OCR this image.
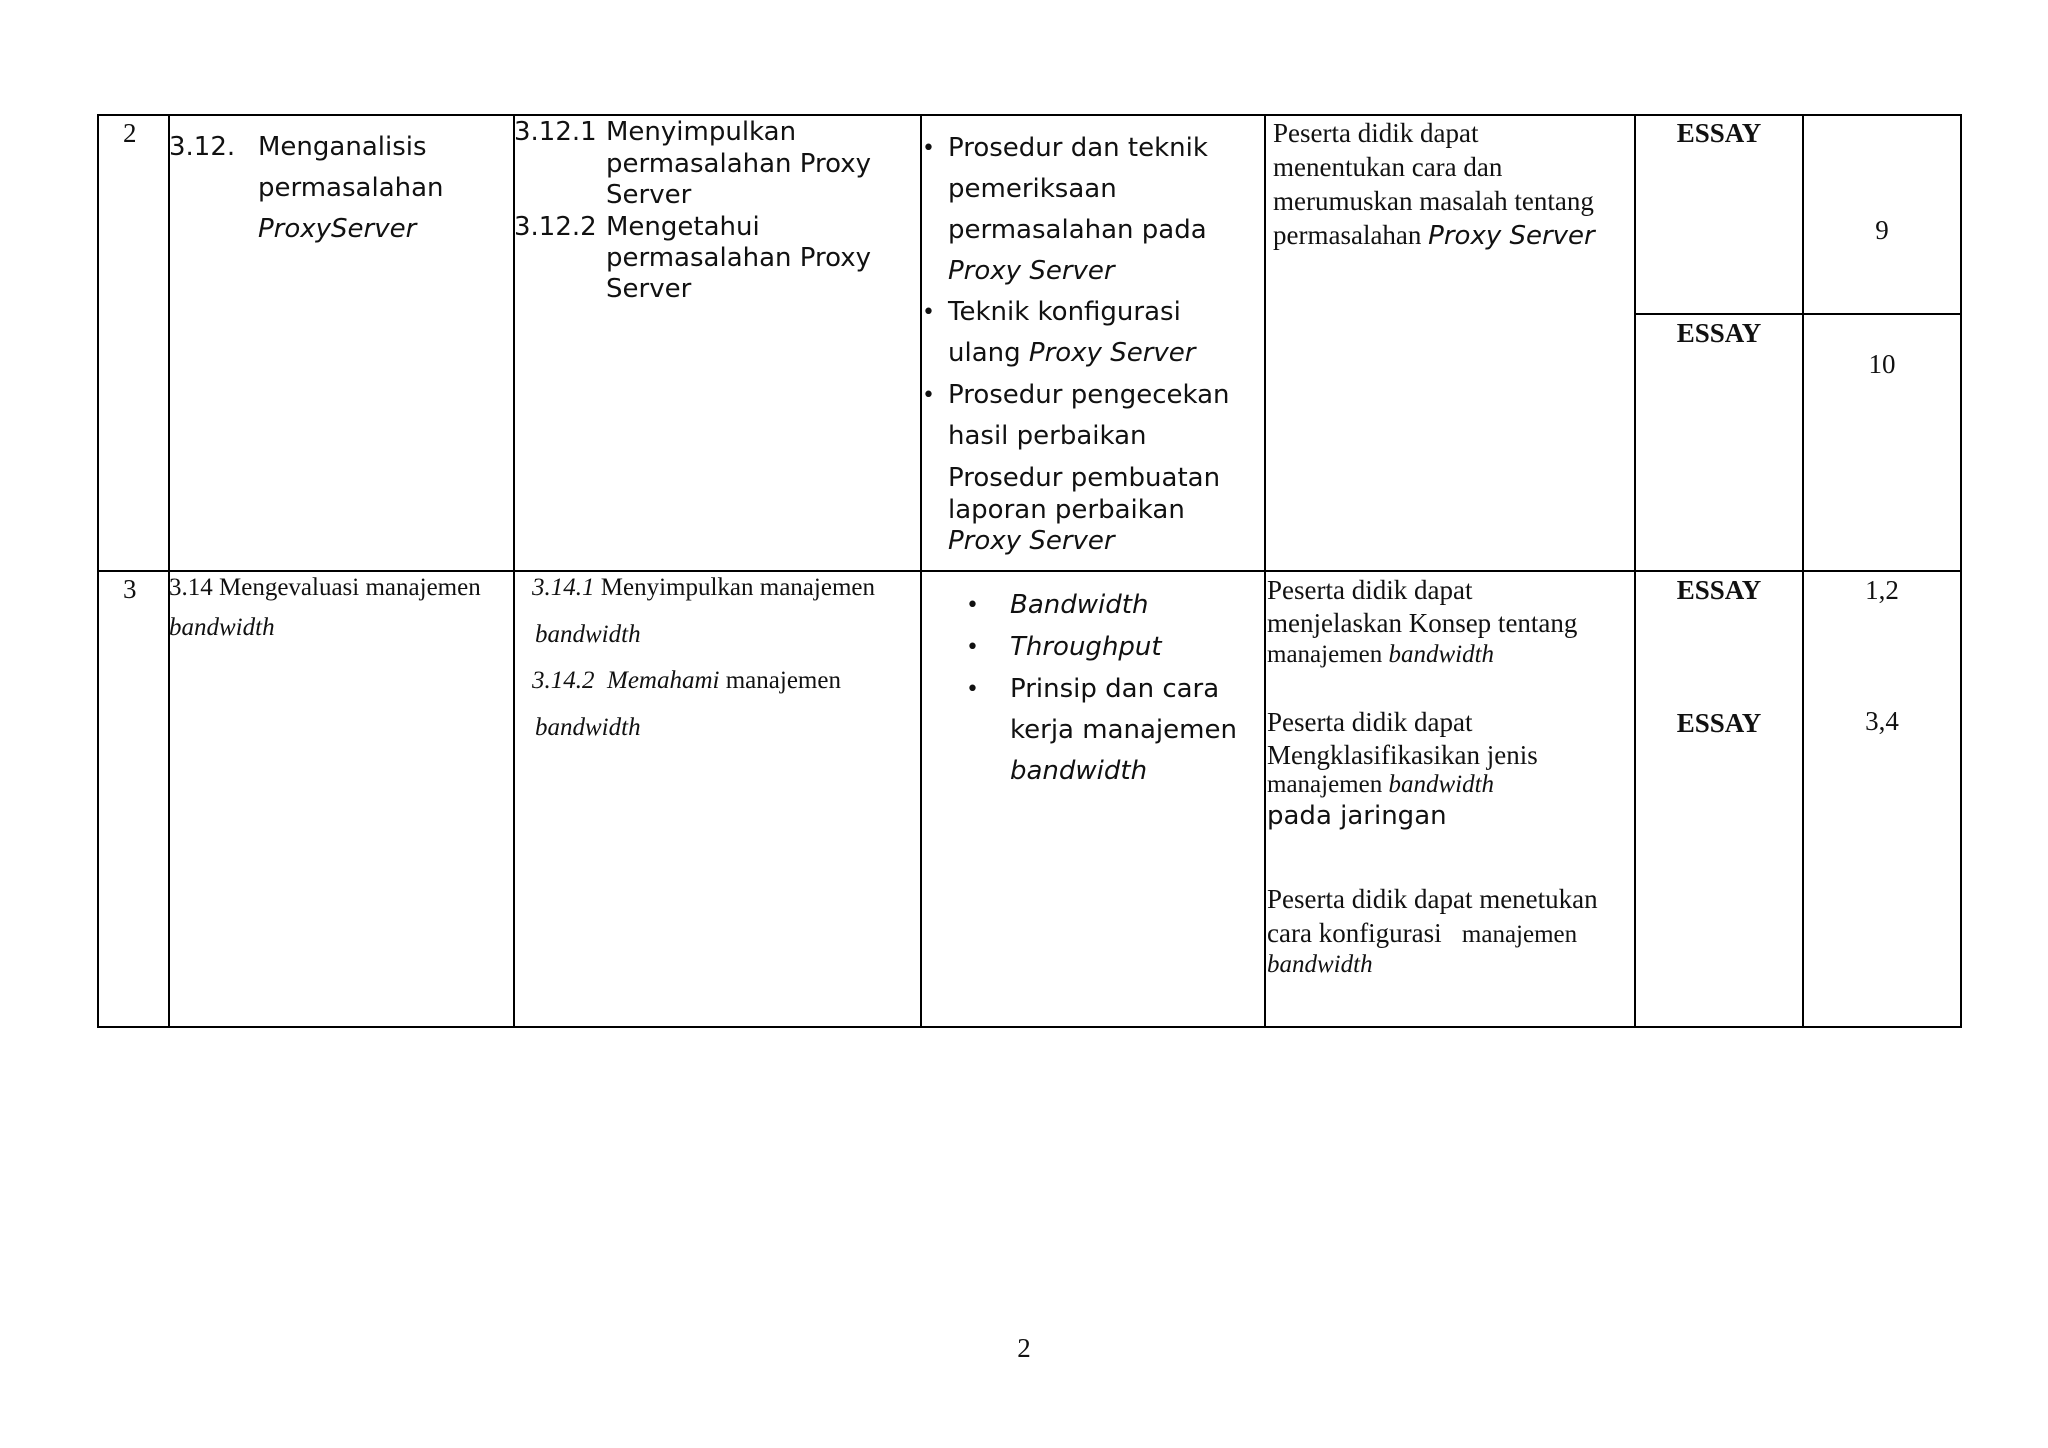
2 3.12. Menganalisis
permasalahan
ProxyServer
3.12.1 Menyimpulkan
permasalahan Proxy
Server
3.12.2 Mengetahui
permasalahan Proxy
Server
• Prosedur dan teknik
pemeriksaan
permasalahan pada
Proxy Server
• Teknik konfigurasi
ulang Proxy Server
• Prosedur pengecekan
hasil perbaikan
Prosedur pembuatan
laporan perbaikan
Proxy Server
Peserta didik dapat
menentukan cara dan
merumuskan masalah tentang
permasalahan Proxy Server
ESSAY
ESSAY
9
10
3 3.14 Mengevaluasi manajemen
bandwidth
3.14.1 Menyimpulkan manajemen
bandwidth
3.14.2 Memahami manajemen
bandwidth
• Bandwidth
• Throughput
• Prinsip dan cara
kerja manajemen
bandwidth
Peserta didik dapat
menjelaskan Konsep tentang
manajemen bandwidth
Peserta didik dapat
Mengklasifikasikan jenis
manajemen bandwidth
pada jaringan
Peserta didik dapat menetukan
cara konfigurasi manajemen
bandwidth
ESSAY
ESSAY
1,2
3,4
2
